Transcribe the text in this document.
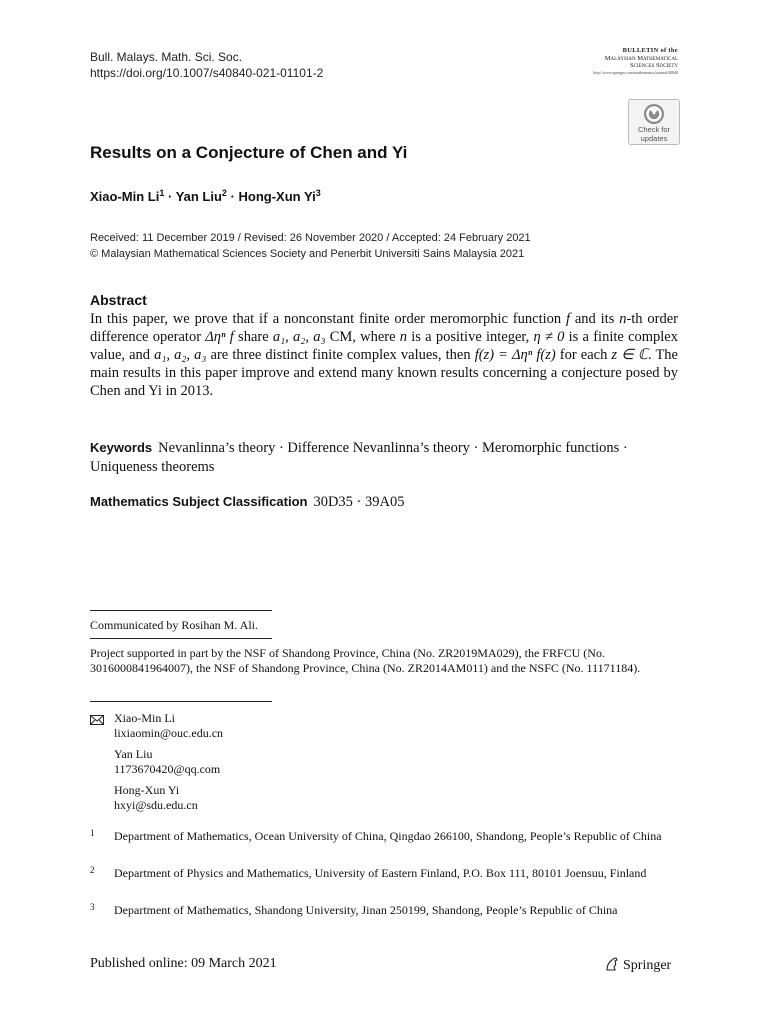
Bull. Malays. Math. Sci. Soc.
https://doi.org/10.1007/s40840-021-01101-2
BULLETIN of the
Malaysian Mathematical
Sciences Society
http://www.springer.com/mathematics/journal/40840
Check for
updates
Results on a Conjecture of Chen and Yi
Xiao-Min $Li^1$ · Yan Liu$^2$ · Hong-Xun Yi$^3$
Received: 11 December 2019 / Revised: 26 November 2020 / Accepted: 24 February 2021
© Malaysian Mathematical Sciences Society and Penerbit Universiti Sains Malaysia 2021
Abstract
In this paper, we prove that if a nonconstant finite order meromorphic function f and its n-th order difference operator Δηⁿ f share a₁, a₂, a₃ CM, where n is a positive integer, η ≠ 0 is a finite complex value, and a₁, a₂, a₃ are three distinct finite complex values, then f(z) = Δηⁿ f(z) for each z ∈ ℂ. The main results in this paper improve and extend many known results concerning a conjecture posed by Chen and Yi in 2013.
Keywords Nevanlinna’s theory · Difference Nevanlinna’s theory · Meromorphic functions · Uniqueness theorems
Mathematics Subject Classification 30D35 · 39A05
Communicated by Rosihan M. Ali.
Project supported in part by the NSF of Shandong Province, China (No. ZR2019MA029), the FRFCU (No. 3016000841964007), the NSF of Shandong Province, China (No. ZR2014AM011) and the NSFC (No. 11171184).
Xiao-Min Li
lixiaomin@ouc.edu.cn
Yan Liu
1173670420@qq.com
Hong-Xun Yi
hxyi@sdu.edu.cn
1 Department of Mathematics, Ocean University of China, Qingdao 266100, Shandong, People’s Republic of China
2 Department of Physics and Mathematics, University of Eastern Finland, P.O. Box 111, 80101 Joensuu, Finland
3 Department of Mathematics, Shandong University, Jinan 250199, Shandong, People’s Republic of China
Published online: 09 March 2021	Springer
